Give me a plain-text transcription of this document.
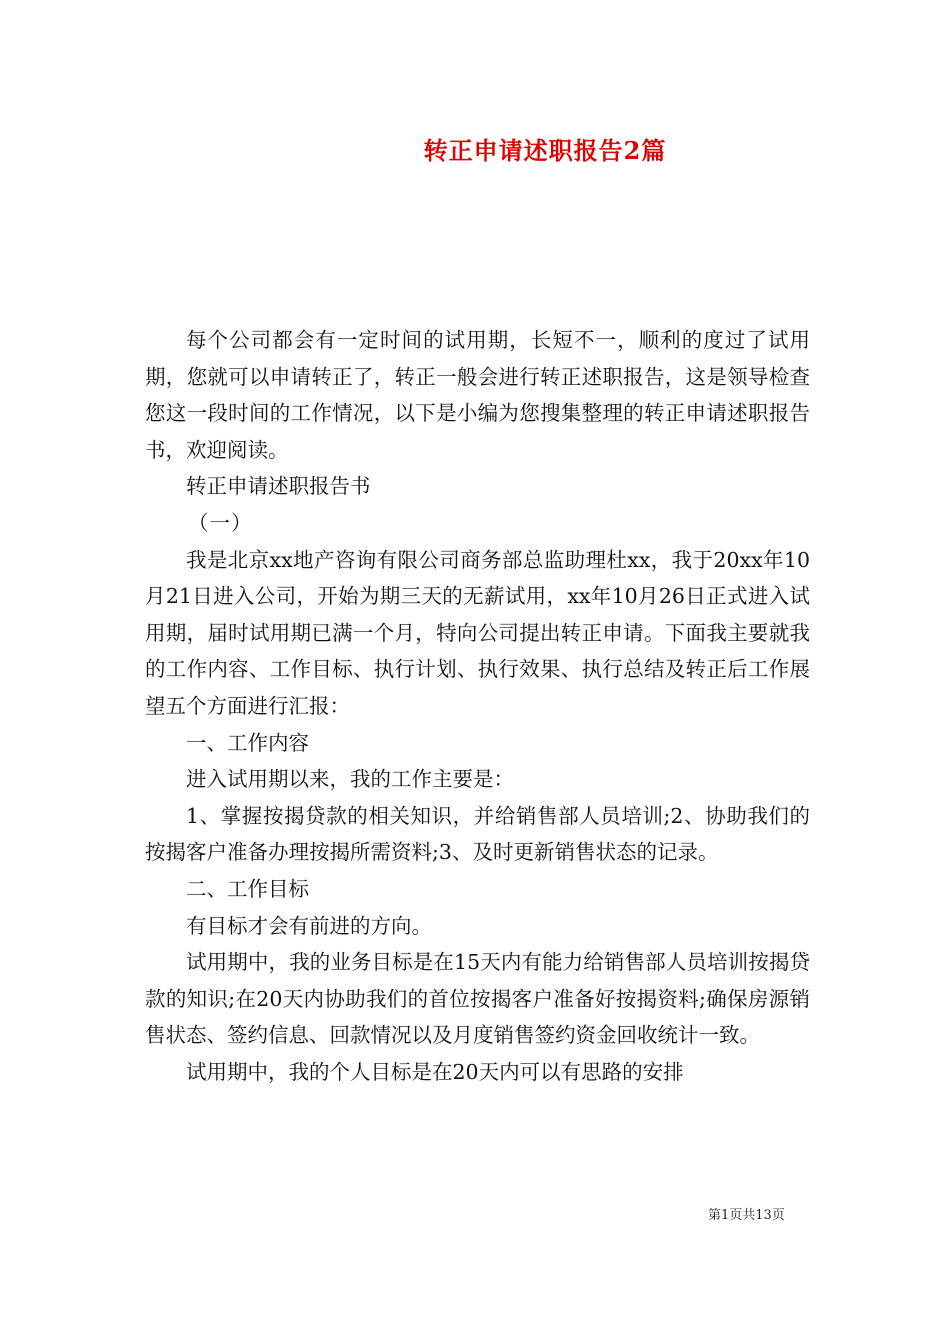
转正申请述职报告2篇

每个公司都会有一定时间的试用期，长短不一，顺利的度过了试用期，您就可以申请转正了，转正一般会进行转正述职报告，这是领导检查您这一段时间的工作情况，以下是小编为您搜集整理的转正申请述职报告书，欢迎阅读。

转正申请述职报告书

（一）

我是北京xx地产咨询有限公司商务部总监助理杜xx，我于20xx年10月21日进入公司，开始为期三天的无薪试用，xx年10月26日正式进入试用期，届时试用期已满一个月，特向公司提出转正申请。下面我主要就我的工作内容、工作目标、执行计划、执行效果、执行总结及转正后工作展望五个方面进行汇报：

一、工作内容

进入试用期以来，我的工作主要是：

1、掌握按揭贷款的相关知识，并给销售部人员培训;2、协助我们的按揭客户准备办理按揭所需资料;3、及时更新销售状态的记录。

二、工作目标

有目标才会有前进的方向。

试用期中，我的业务目标是在15天内有能力给销售部人员培训按揭贷款的知识;在20天内协助我们的首位按揭客户准备好按揭资料;确保房源销售状态、签约信息、回款情况以及月度销售签约资金回收统计一致。

试用期中，我的个人目标是在20天内可以有思路的安排

第1页共13页
